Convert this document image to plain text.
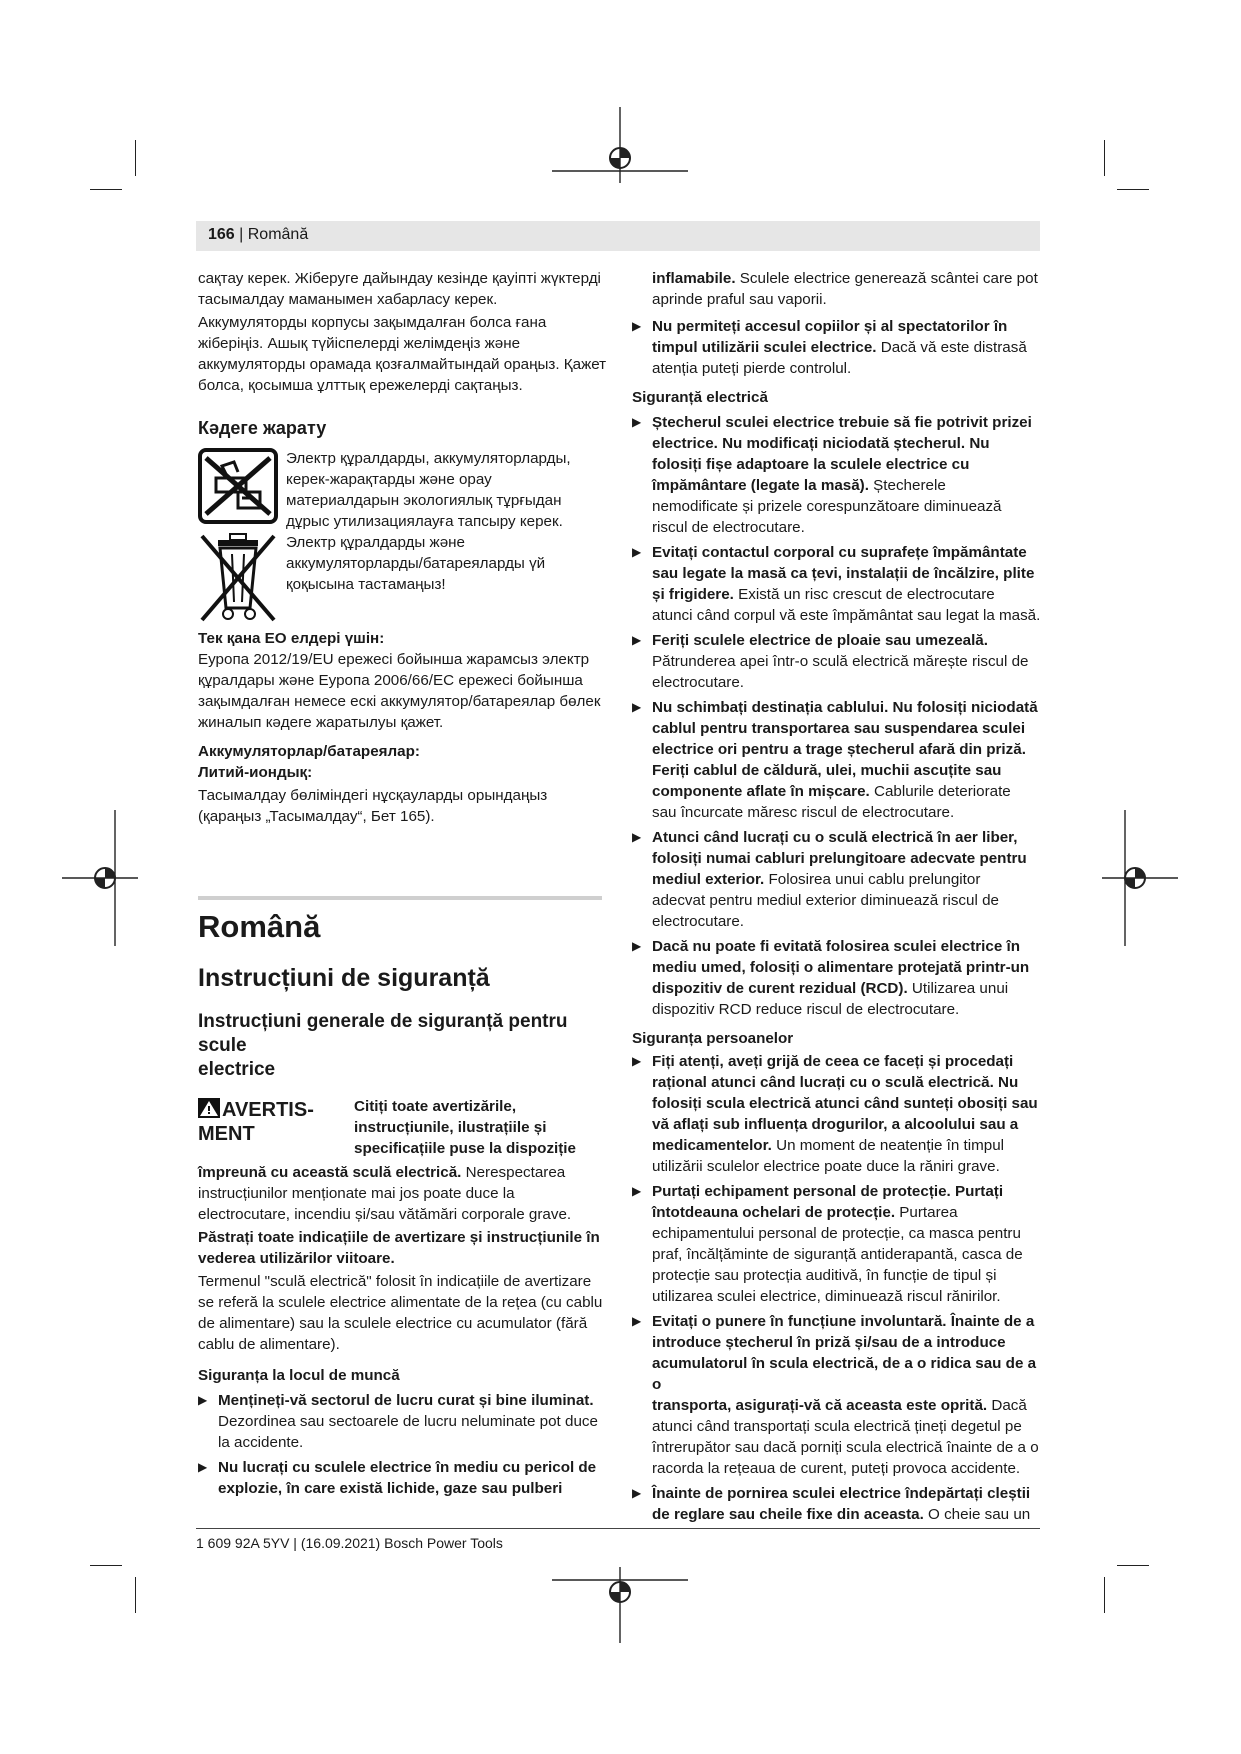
166 | Română

сақтау керек. Жіберуге дайындау кезінде қауіпті жүктерді

тасымалдау маманымен хабарласу керек.

Аккумуляторды корпусы зақымдалған болса ғана

жіберіңіз. Ашық түйіспелерді желімдеңіз және

аккумуляторды орамада қозғалмайтындай ораңыз. Қажет

болса, қосымша ұлттық ережелерді сақтаңыз.

Кәдеге жарату
Электр құралдарды, аккумуляторларды,
керек-жарақтарды және орау
материалдарын экологиялық тұрғыдан
дұрыс утилизациялауға тапсыру керек.
Электр құралдарды және
аккумуляторларды/батареяларды үй
қоқысына тастамаңыз!
Тек қана ЕО елдері үшін:

Еуропа 2012/19/EU ережесі бойынша жарамсыз электр

құралдары және Еуропа 2006/66/EC ережесі бойынша

зақымдалған немесе ескі аккумулятор/батареялар бөлек

жиналып кәдеге жаратылуы қажет.

Аккумуляторлар/батареялар:
Литий-иондық:

Тасымалдау бөліміндегі нұсқауларды орындаңыз

(қараңыз „Тасымалдау“, Бет 165).

Română
Instrucțiuni de siguranță
Instrucțiuni generale de siguranță pentru scule
electrice
AVERTIS-
MENT
Citiți toate avertizările,
instrucțiunile, ilustrațiile și
specificațiile puse la dispoziție

împreună cu această sculă electrică. Nerespectarea

instrucțiunilor menționate mai jos poate duce la

electrocutare, incendiu și/sau vătămări corporale grave.

Păstrați toate indicațiile de avertizare și instrucțiunile în

vederea utilizărilor viitoare.

Termenul "sculă electrică" folosit în indicațiile de avertizare

se referă la sculele electrice alimentate de la rețea (cu cablu

de alimentare) sau la sculele electrice cu acumulator (fără

cablu de alimentare).

Siguranța la locul de muncă
▶ Mențineți-vă sectorul de lucru curat și bine iluminat.
Dezordinea sau sectoarele de lucru neluminate pot duce
la accidente.
▶ Nu lucrați cu sculele electrice în mediu cu pericol de
explozie, în care există lichide, gaze sau pulberi
inflamabile. Sculele electrice generează scântei care pot
aprinde praful sau vaporii.
▶ Nu permiteți accesul copiilor și al spectatorilor în
timpul utilizării sculei electrice. Dacă vă este distrasă
atenția puteți pierde controlul.
Siguranță electrică
▶ Ștecherul sculei electrice trebuie să fie potrivit prizei
electrice. Nu modificați niciodată ștecherul. Nu
folosiți fișe adaptoare la sculele electrice cu
împământare (legate la masă). Ștecherele
nemodificate și prizele corespunzătoare diminuează
riscul de electrocutare.
▶ Evitați contactul corporal cu suprafețe împământate
sau legate la masă ca țevi, instalații de încălzire, plite
și frigidere. Există un risc crescut de electrocutare
atunci când corpul vă este împământat sau legat la masă.
▶ Feriți sculele electrice de ploaie sau umezeală.
Pătrunderea apei într-o sculă electrică mărește riscul de
electrocutare.
▶ Nu schimbați destinația cablului. Nu folosiți niciodată
cablul pentru transportarea sau suspendarea sculei
electrice ori pentru a trage ștecherul afară din priză.
Feriți cablul de căldură, ulei, muchii ascuțite sau
componente aflate în mișcare. Cablurile deteriorate
sau încurcate măresc riscul de electrocutare.
▶ Atunci când lucrați cu o sculă electrică în aer liber,
folosiți numai cabluri prelungitoare adecvate pentru
mediul exterior. Folosirea unui cablu prelungitor
adecvat pentru mediul exterior diminuează riscul de
electrocutare.
▶ Dacă nu poate fi evitată folosirea sculei electrice în
mediu umed, folosiți o alimentare protejată printr-un
dispozitiv de curent rezidual (RCD). Utilizarea unui
dispozitiv RCD reduce riscul de electrocutare.
Siguranța persoanelor
▶ Fiți atenți, aveți grijă de ceea ce faceți și procedați
rațional atunci când lucrați cu o sculă electrică. Nu
folosiți scula electrică atunci când sunteți obosiți sau
vă aflați sub influența drogurilor, a alcoolului sau a
medicamentelor. Un moment de neatenție în timpul
utilizării sculelor electrice poate duce la răniri grave.
▶ Purtați echipament personal de protecție. Purtați
întotdeauna ochelari de protecție. Purtarea
echipamentului personal de protecție, ca masca pentru
praf, încălțăminte de siguranță antiderapantă, casca de
protecție sau protecția auditivă, în funcție de tipul și
utilizarea sculei electrice, diminuează riscul rănirilor.
▶ Evitați o punere în funcțiune involuntară. Înainte de a
introduce ștecherul în priză și/sau de a introduce
acumulatorul în scula electrică, de a o ridica sau de a o
transporta, asigurați-vă că aceasta este oprită. Dacă
atunci când transportați scula electrică țineți degetul pe
întrerupător sau dacă porniți scula electrică înainte de a o
racorda la rețeaua de curent, puteți provoca accidente.
▶ Înainte de pornirea sculei electrice îndepărtați cleștii
de reglare sau cheile fixe din aceasta. O cheie sau un
1 609 92A 5YV | (16.09.2021) Bosch Power Tools
